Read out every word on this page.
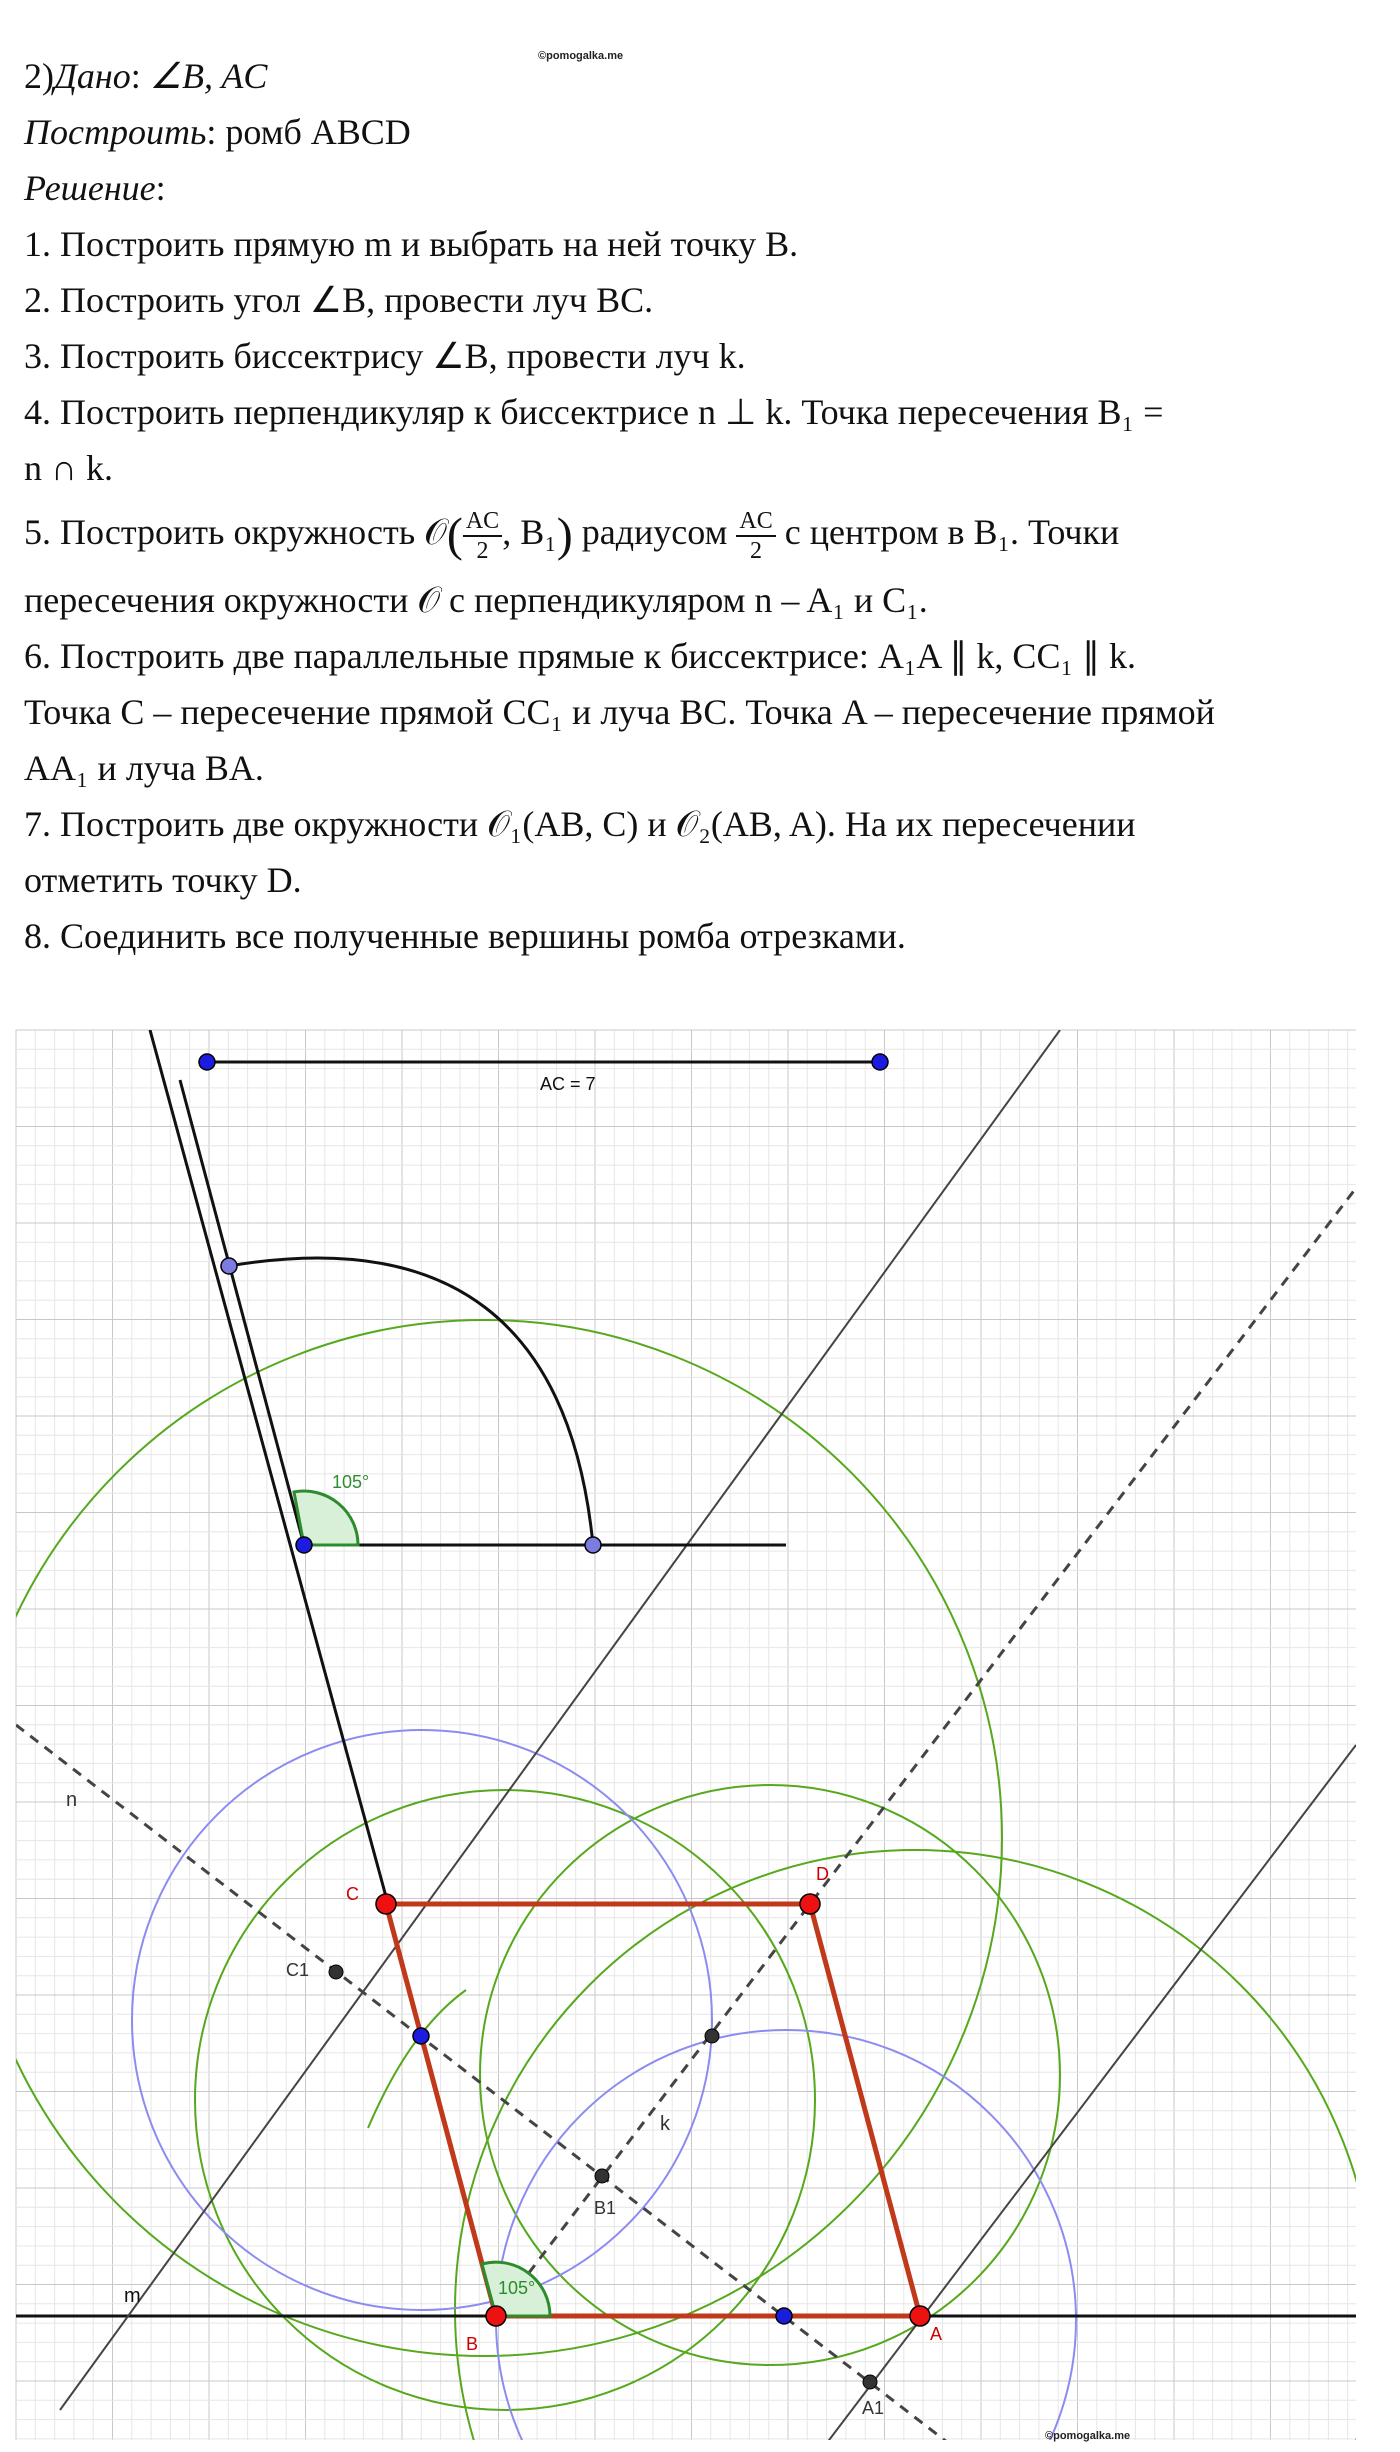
©pomogalka.me

2)Дано: ∠B, AC

Построить: ромб ABCD

Решение:

1. Построить прямую m и выбрать на ней точку B.

2. Построить угол ∠B, провести луч BC.

3. Построить биссектрису ∠B, провести луч k.

4. Построить перпендикуляр к биссектрисе n ⊥ k. Точка пересечения B₁ =

n ∩ k.

5. Построить окружность 𝒪( $\frac{AC}{2}$ , B₁) радиусом $\frac{AC}{2}$ с центром в B₁. Точки

пересечения окружности 𝒪 с перпендикуляром n – A₁ и C₁.

6. Построить две параллельные прямые к биссектрисе: A₁A ∥ k, CC₁ ∥ k.

Точка C – пересечение прямой CC₁ и луча BC. Точка A – пересечение прямой

AA₁ и луча BA.

7. Построить две окружности 𝒪₁(AB, C) и 𝒪₂(AB, A). На их пересечении

отметить точку D.

8. Соединить все полученные вершины ромба отрезками.

AC = 7
105°
105°
C
D
B	A
C1
B1
A1
m
n
k
©pomogalka.me
